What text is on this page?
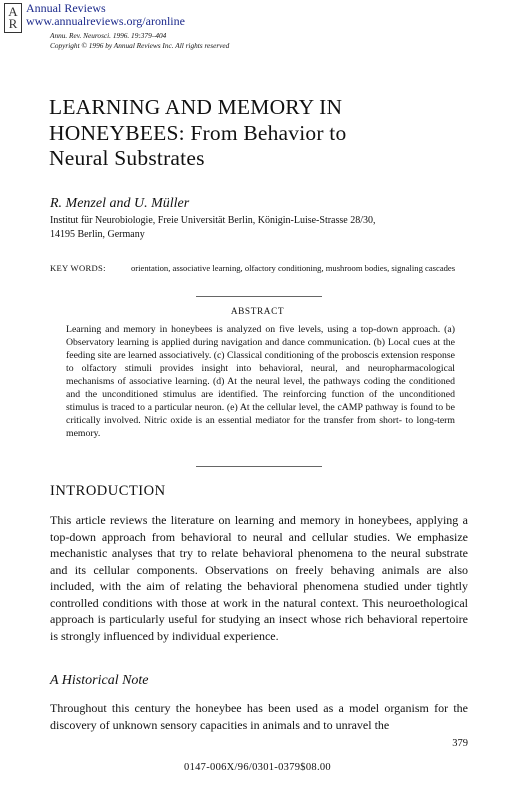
A
R
Annual Reviews
www.annualreviews.org/aronline
Annu. Rev. Neurosci. 1996. 19:379–404
Copyright © 1996 by Annual Reviews Inc. All rights reserved
LEARNING AND MEMORY IN
HONEYBEES: From Behavior to
Neural Substrates
R. Menzel and U. Müller
Institut für Neurobiologie, Freie Universität Berlin, Königin-Luise-Strasse 28/30,
14195 Berlin, Germany
KEY WORDS:	orientation, associative learning, olfactory conditioning, mushroom bodies, signaling cascades
ABSTRACT
Learning and memory in honeybees is analyzed on five levels, using a top-down approach. (a) Observatory learning is applied during navigation and dance communication. (b) Local cues at the feeding site are learned associatively. (c) Classical conditioning of the proboscis extension response to olfactory stimuli provides insight into behavioral, neural, and neuropharmacological mechanisms of associative learning. (d) At the neural level, the pathways coding the conditioned and the unconditioned stimulus are identified. The reinforcing function of the unconditioned stimulus is traced to a particular neuron. (e) At the cellular level, the cAMP pathway is found to be critically involved. Nitric oxide is an essential mediator for the transfer from short- to long-term memory.
INTRODUCTION
This article reviews the literature on learning and memory in honeybees, applying a top-down approach from behavioral to neural and cellular studies. We emphasize mechanistic analyses that try to relate behavioral phenomena to the neural substrate and its cellular components. Observations on freely behaving animals are also included, with the aim of relating the behavioral phenomena studied under tightly controlled conditions with those at work in the natural context. This neuroethological approach is particularly useful for studying an insect whose rich behavioral repertoire is strongly influenced by individual experience.
A Historical Note
Throughout this century the honeybee has been used as a model organism for the discovery of unknown sensory capacities in animals and to unravel the
379
0147-006X/96/0301-0379$08.00
